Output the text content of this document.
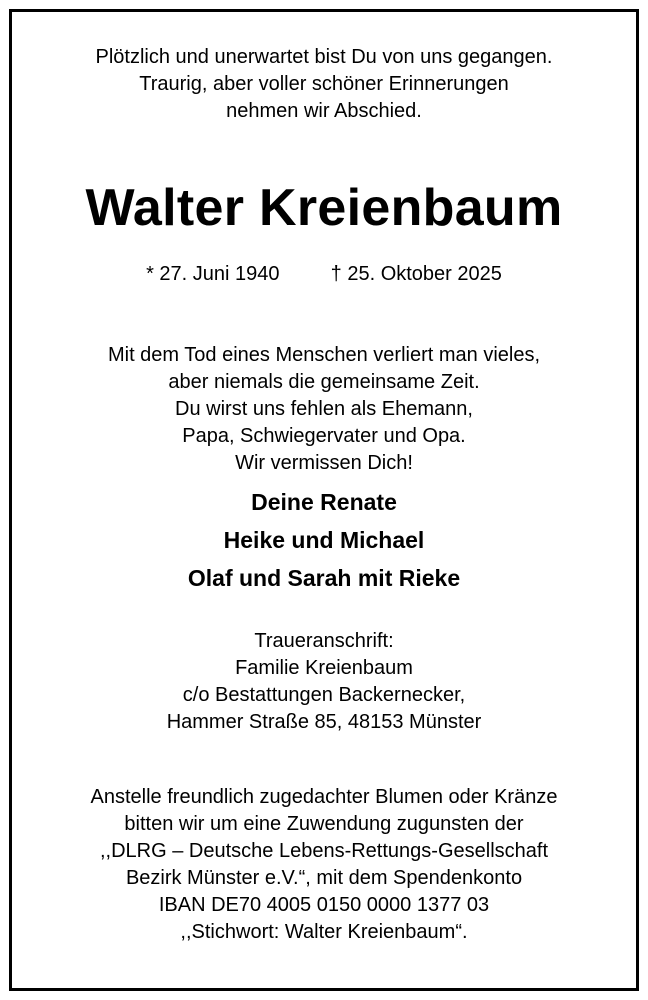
Plötzlich und unerwartet bist Du von uns gegangen.
Traurig, aber voller schöner Erinnerungen
nehmen wir Abschied.
Walter Kreienbaum
* 27. Juni 1940	† 25. Oktober 2025
Mit dem Tod eines Menschen verliert man vieles,
aber niemals die gemeinsame Zeit.
Du wirst uns fehlen als Ehemann,
Papa, Schwiegervater und Opa.
Wir vermissen Dich!
Deine Renate
Heike und Michael
Olaf und Sarah mit Rieke
Traueranschrift:
Familie Kreienbaum
c/o Bestattungen Backernecker,
Hammer Straße 85, 48153 Münster
Anstelle freundlich zugedachter Blumen oder Kränze
bitten wir um eine Zuwendung zugunsten der
,,DLRG – Deutsche Lebens-Rettungs-Gesellschaft
Bezirk Münster e.V.“, mit dem Spendenkonto
IBAN DE70 4005 0150 0000 1377 03
,,Stichwort: Walter Kreienbaum“.
